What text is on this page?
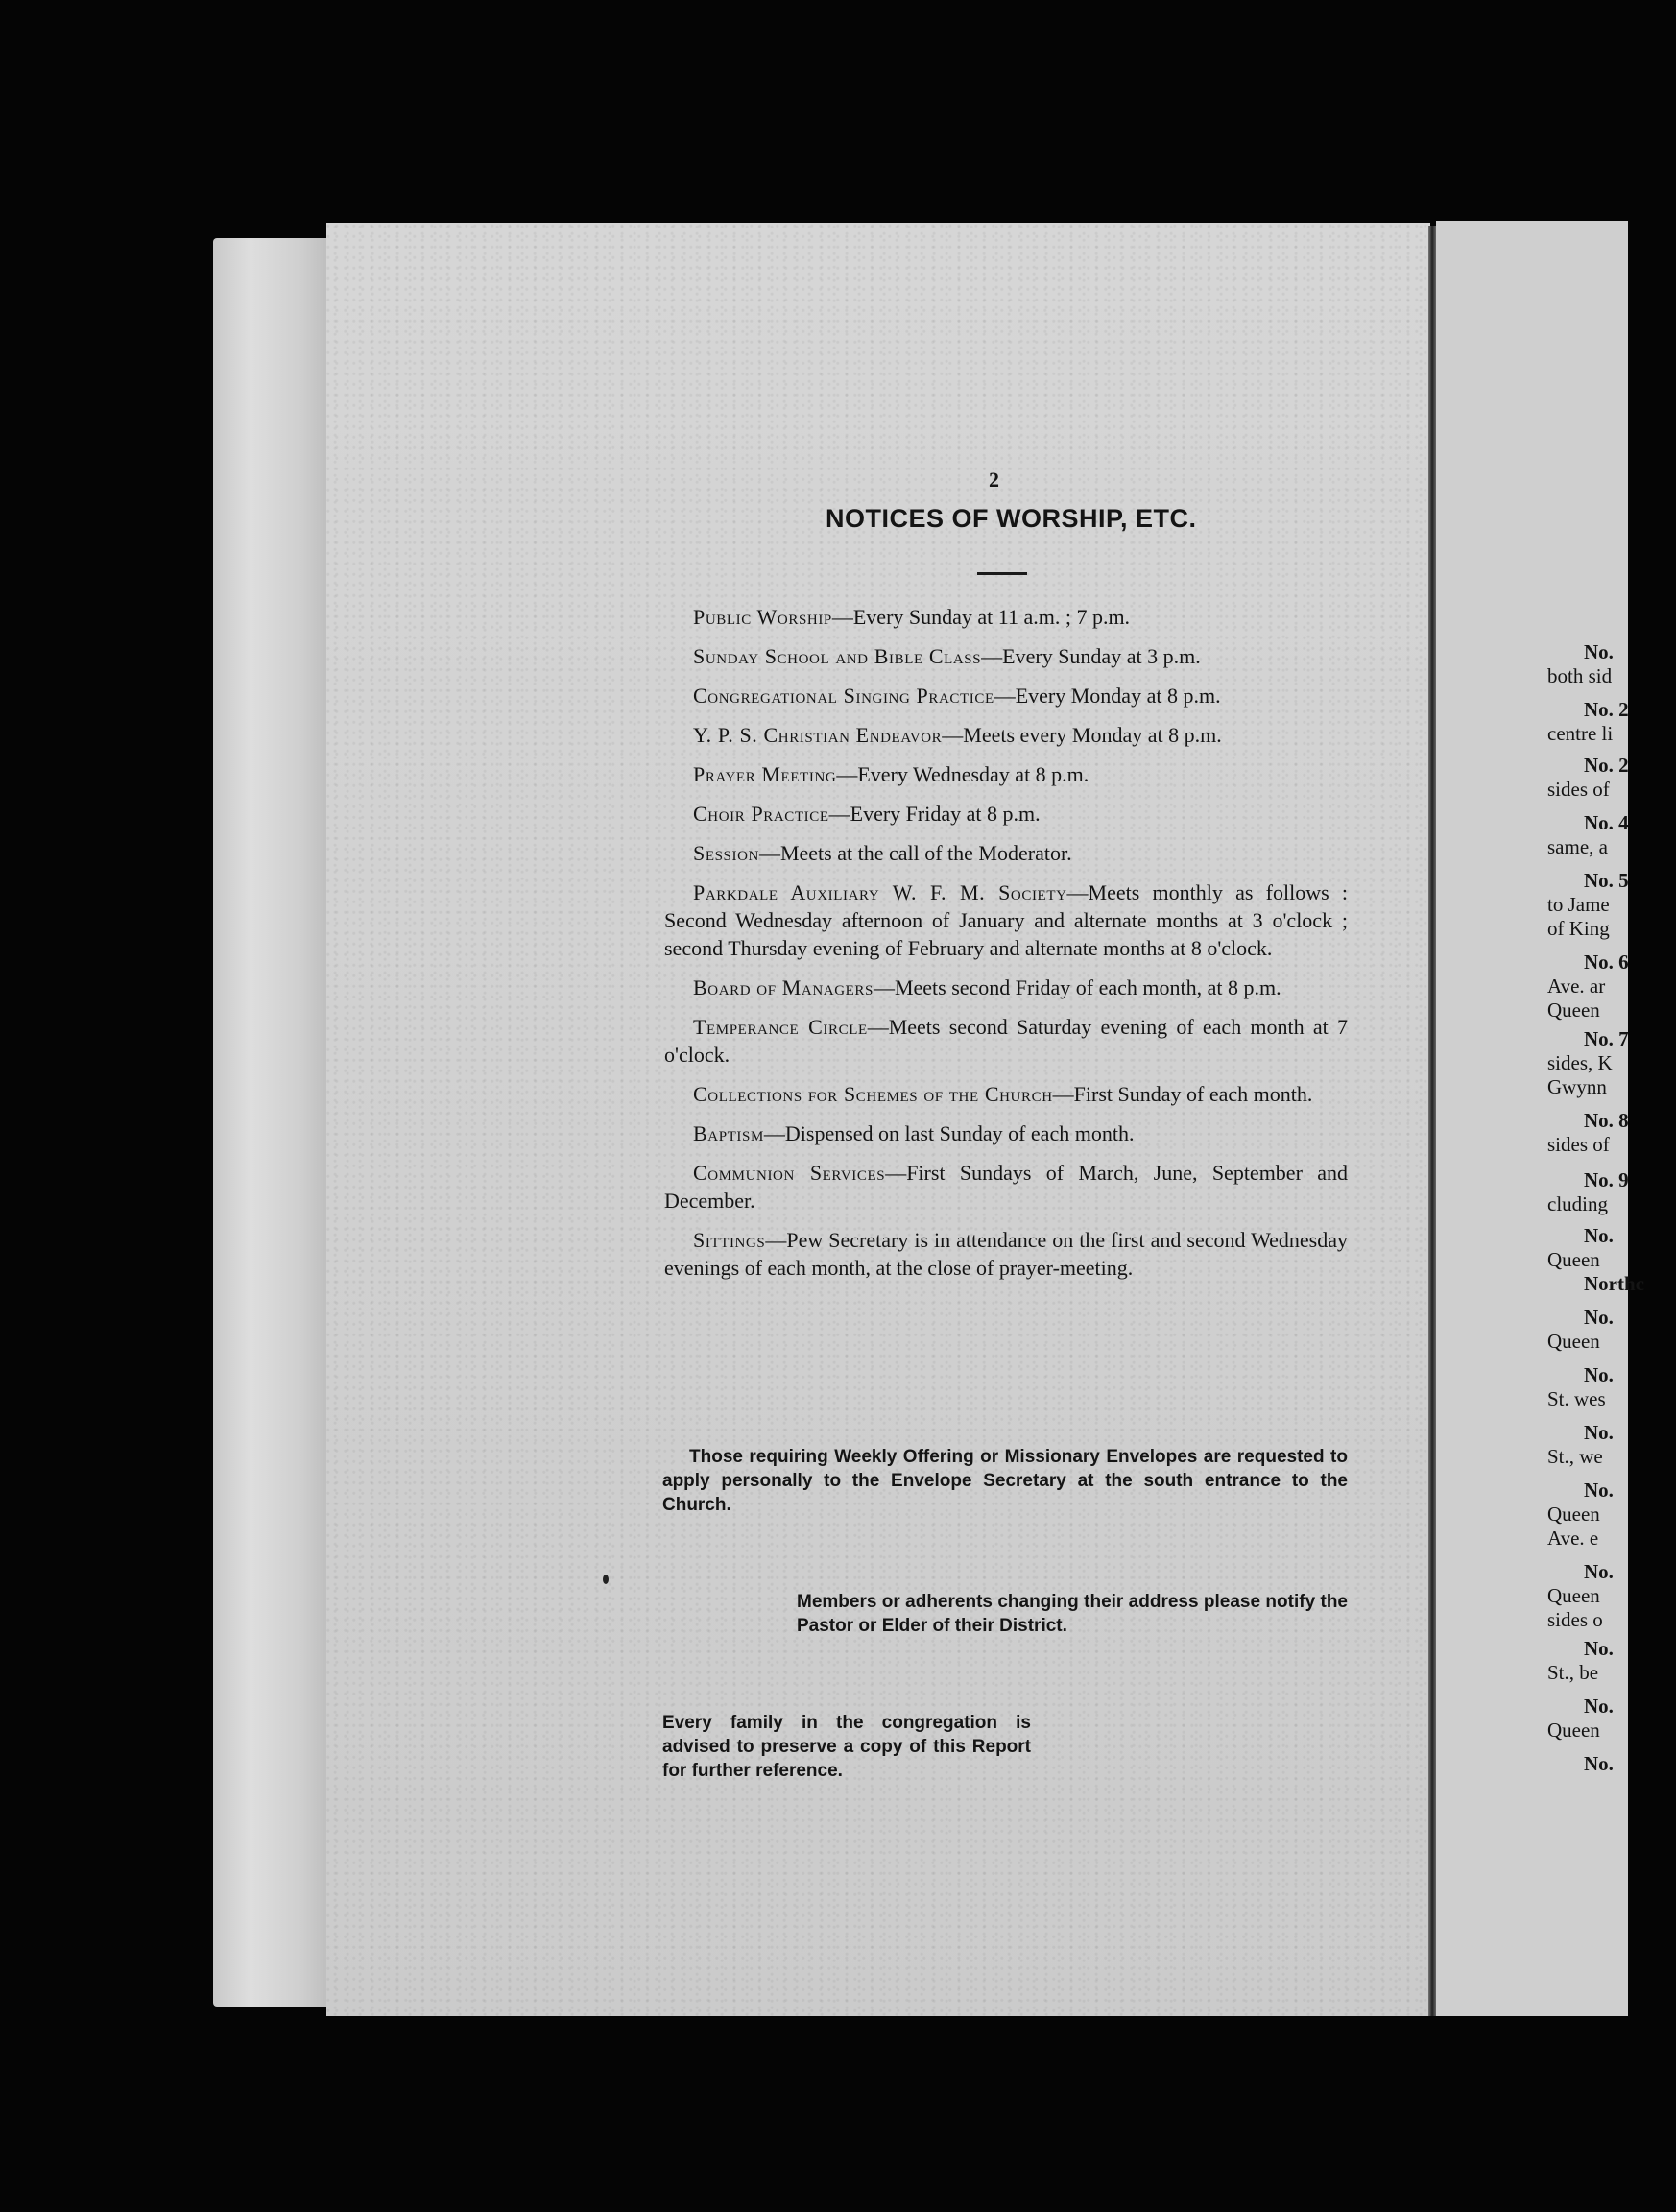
2
NOTICES OF WORSHIP, ETC.

Public Worship—Every Sunday at 11 a.m. ; 7 p.m.

Sunday School and Bible Class—Every Sunday at 3 p.m.

Congregational Singing Practice—Every Monday at 8 p.m.

Y. P. S. Christian Endeavor—Meets every Monday at 8 p.m.

Prayer Meeting—Every Wednesday at 8 p.m.

Choir Practice—Every Friday at 8 p.m.

Session—Meets at the call of the Moderator.

Parkdale Auxiliary W. F. M. Society—Meets monthly as follows : Second Wednesday afternoon of January and alternate months at 3 o'clock ; second Thursday evening of February and alternate months at 8 o'clock.

Board of Managers—Meets second Friday of each month, at 8 p.m.

Temperance Circle—Meets second Saturday evening of each month at 7 o'clock.

Collections for Schemes of the Church—First Sunday of each month.

Baptism—Dispensed on last Sunday of each month.

Communion Services—First Sundays of March, June, September and December.

Sittings—Pew Secretary is in attendance on the first and second Wednesday evenings of each month, at the close of prayer-meeting.

Those requiring Weekly Offering or Missionary Envelopes are requested to apply personally to the Envelope Secretary at the south entrance to the Church.
Members or adherents changing their address please notify the Pastor or Elder of their District.
Every family in the congregation is advised to preserve a copy of this Report for further reference.
No.
both sid
No. 2
centre li
No. 2
sides of
No. 4
same, a
No. 5
to Jame
of King
No. 6
Ave. ar
Queen
No. 7
sides, K
Gwynn
No. 8
sides of
No. 9
cluding
No.
Queen
Northc
No.
Queen
No.
St. wes
No.
St., we
No.
Queen
Ave. e
No.
Queen
sides o
No.
St., be
No.
Queen
No.
